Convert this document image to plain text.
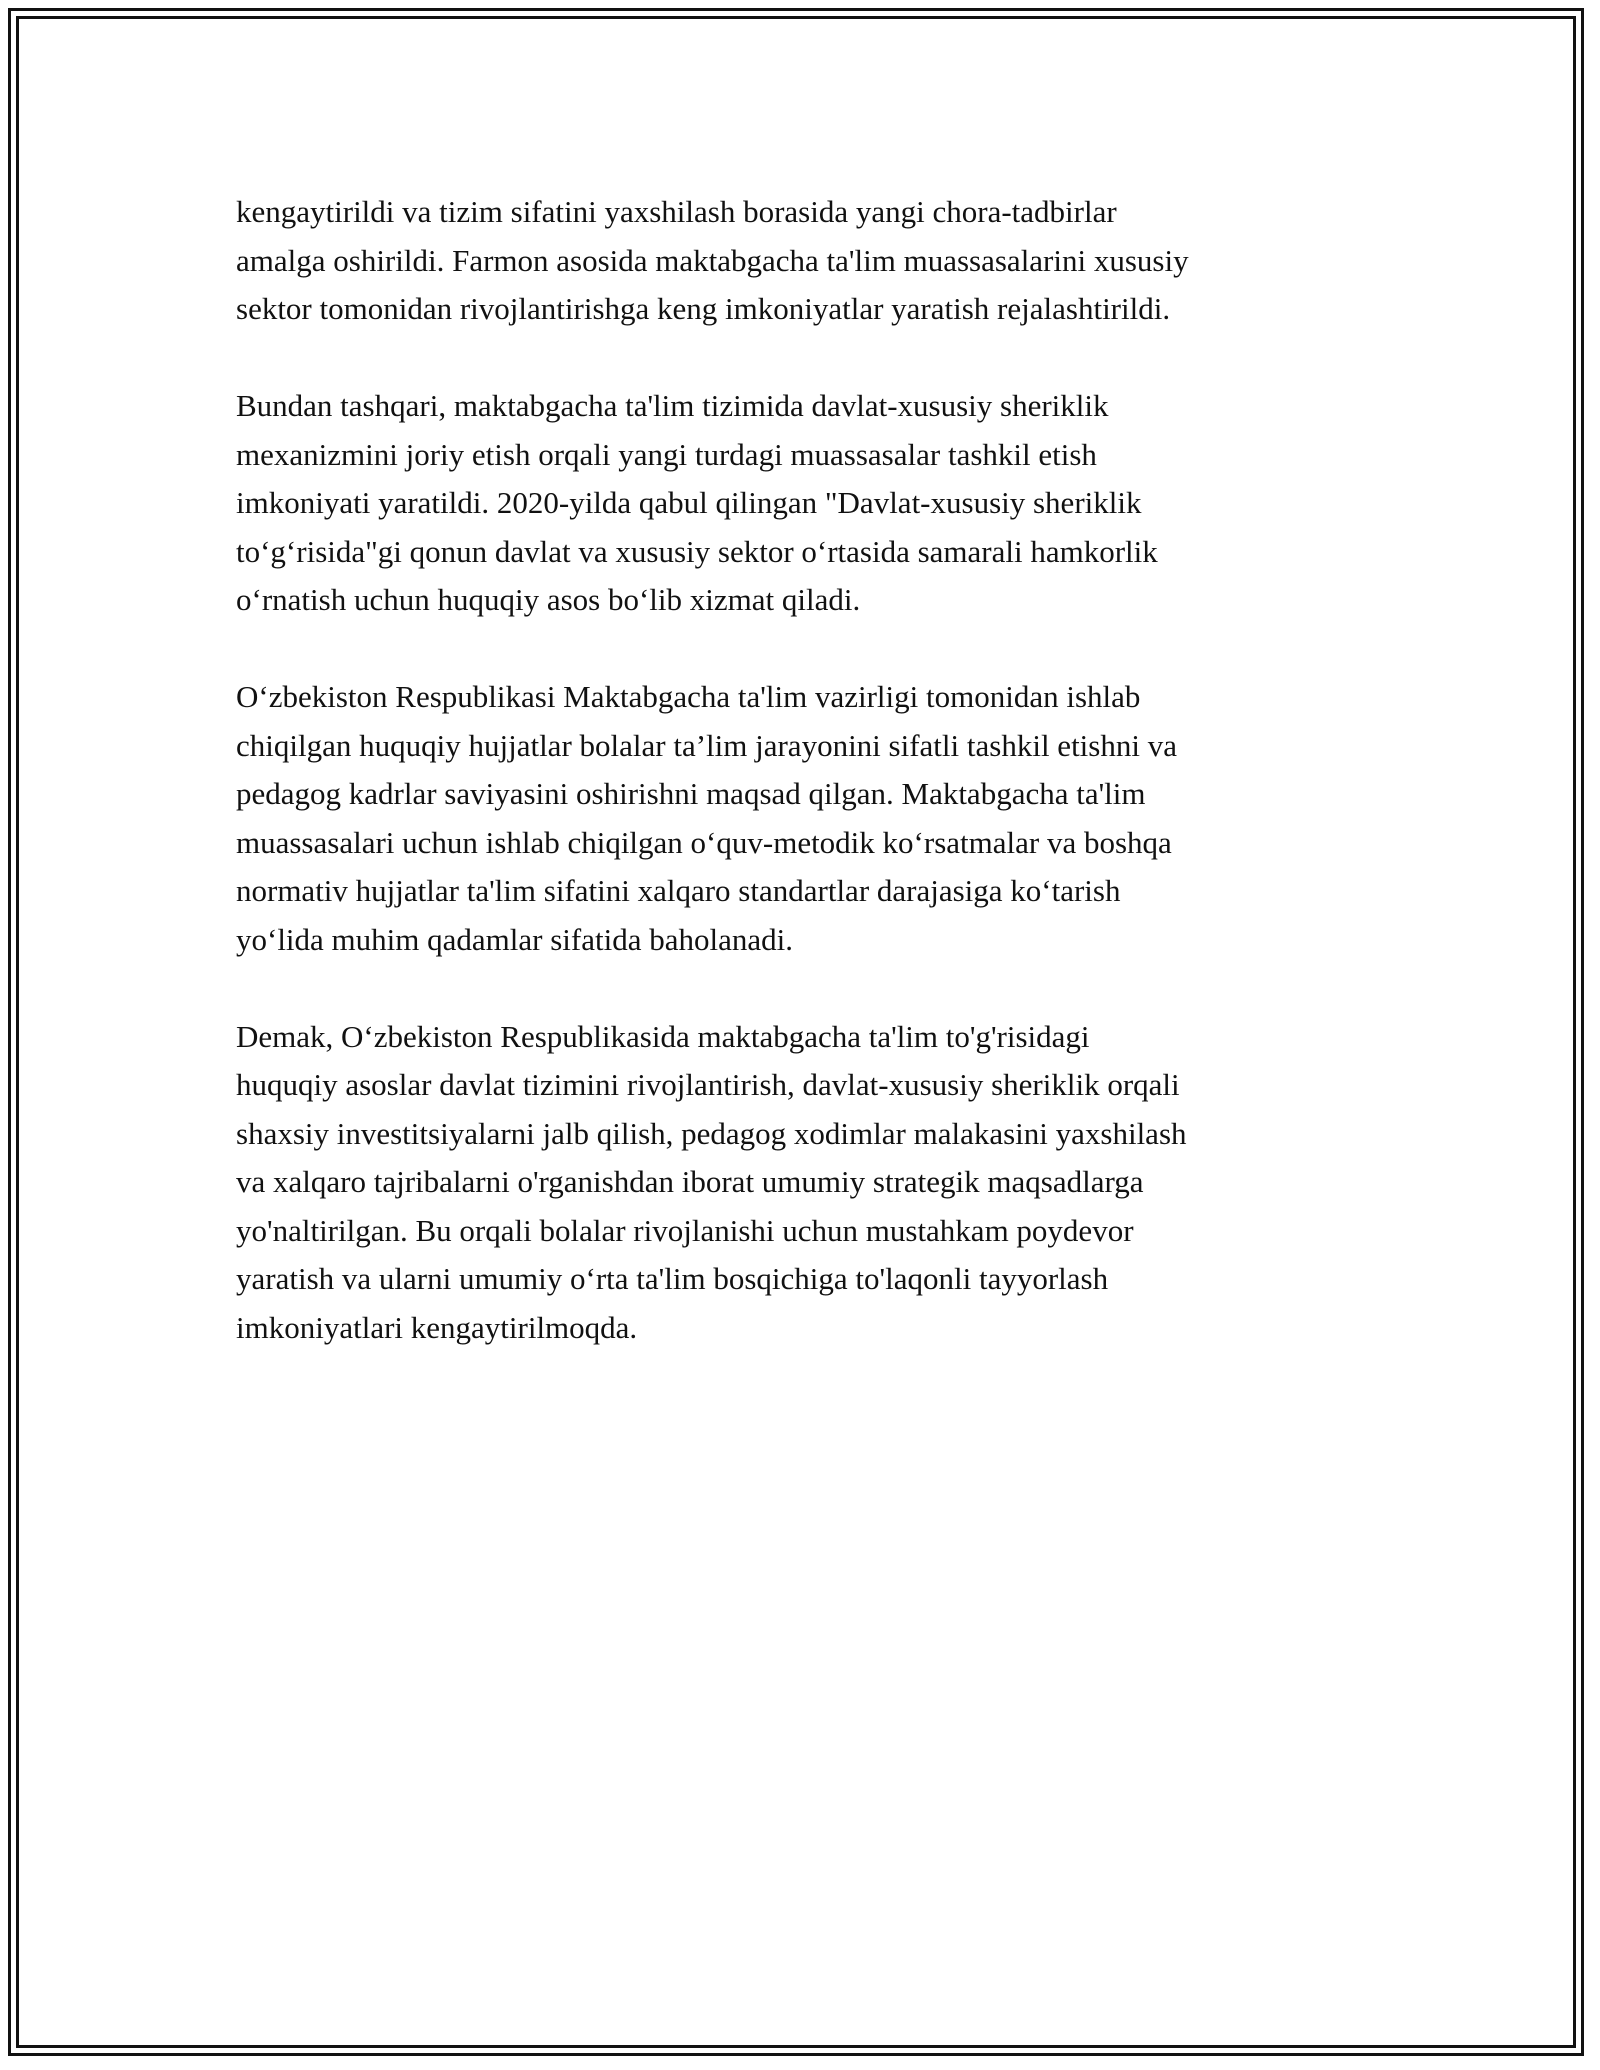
kengaytirildi va tizim sifatini yaxshilash borasida yangi chora-tadbirlar
amalga oshirildi. Farmon asosida maktabgacha ta'lim muassasalarini xususiy
sektor tomonidan rivojlantirishga keng imkoniyatlar yaratish rejalashtirildi.
Bundan tashqari, maktabgacha ta'lim tizimida davlat-xususiy sheriklik
mexanizmini joriy etish orqali yangi turdagi muassasalar tashkil etish
imkoniyati yaratildi. 2020-yilda qabul qilingan "Davlat-xususiy sheriklik
to‘g‘risida"gi qonun davlat va xususiy sektor o‘rtasida samarali hamkorlik
o‘rnatish uchun huquqiy asos bo‘lib xizmat qiladi.
O‘zbekiston Respublikasi Maktabgacha ta'lim vazirligi tomonidan ishlab
chiqilgan huquqiy hujjatlar bolalar ta’lim jarayonini sifatli tashkil etishni va
pedagog kadrlar saviyasini oshirishni maqsad qilgan. Maktabgacha ta'lim
muassasalari uchun ishlab chiqilgan o‘quv-metodik ko‘rsatmalar va boshqa
normativ hujjatlar ta'lim sifatini xalqaro standartlar darajasiga ko‘tarish
yo‘lida muhim qadamlar sifatida baholanadi.
Demak, O‘zbekiston Respublikasida maktabgacha ta'lim to'g'risidagi
huquqiy asoslar davlat tizimini rivojlantirish, davlat-xususiy sheriklik orqali
shaxsiy investitsiyalarni jalb qilish, pedagog xodimlar malakasini yaxshilash
va xalqaro tajribalarni o'rganishdan iborat umumiy strategik maqsadlarga
yo'naltirilgan. Bu orqali bolalar rivojlanishi uchun mustahkam poydevor
yaratish va ularni umumiy o‘rta ta'lim bosqichiga to'laqonli tayyorlash
imkoniyatlari kengaytirilmoqda.
